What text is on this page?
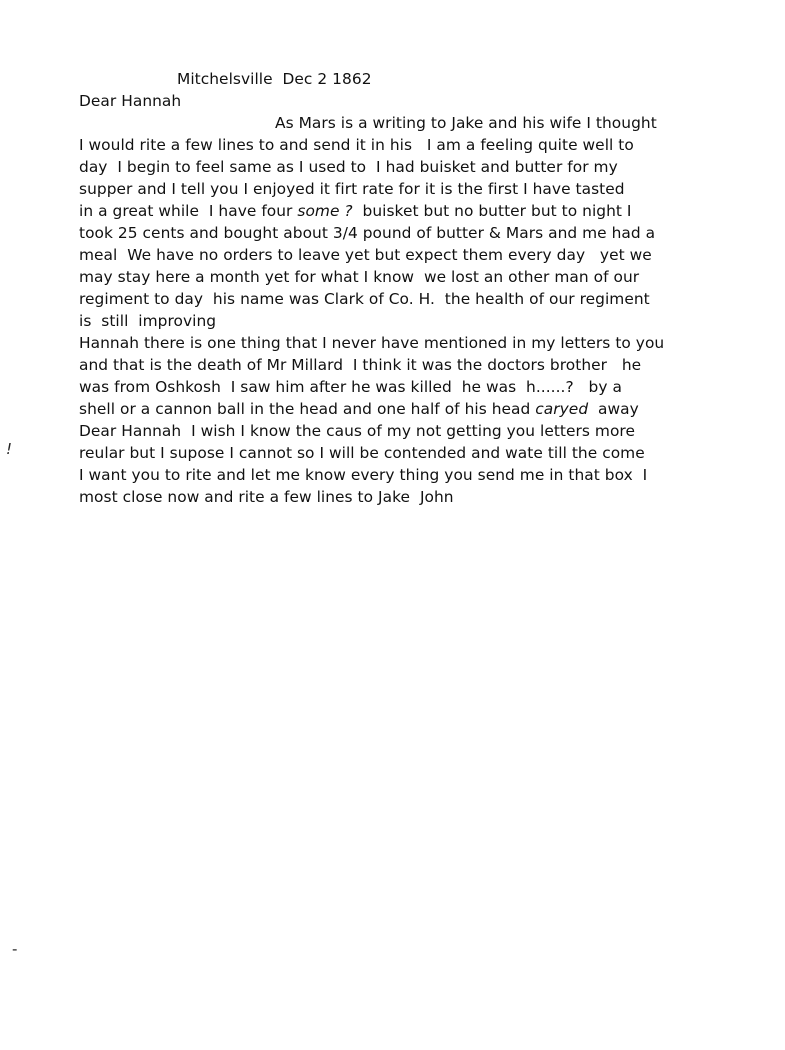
Mitchelsville  Dec 2 1862
Dear Hannah
As Mars is a writing to Jake and his wife I thought
I would rite a few lines to and send it in his   I am a feeling quite well to
day  I begin to feel same as I used to  I had buisket and butter for my
supper and I tell you I enjoyed it firt rate for it is the first I have tasted
in a great while  I have four some ?  buisket but no butter but to night I
took 25 cents and bought about 3/4 pound of butter & Mars and me had a
meal  We have no orders to leave yet but expect them every day   yet we
may stay here a month yet for what I know  we lost an other man of our
regiment to day  his name was Clark of Co. H.  the health of our regiment
is  still  improving
Hannah there is one thing that I never have mentioned in my letters to you
and that is the death of Mr Millard  I think it was the doctors brother   he
was from Oshkosh  I saw him after he was killed  he was  h......?   by a
shell or a cannon ball in the head and one half of his head caryed  away
Dear Hannah  I wish I know the caus of my not getting you letters more
reular but I supose I cannot so I will be contended and wate till the come
I want you to rite and let me know every thing you send me in that box  I
most close now and rite a few lines to Jake  John
!
-
